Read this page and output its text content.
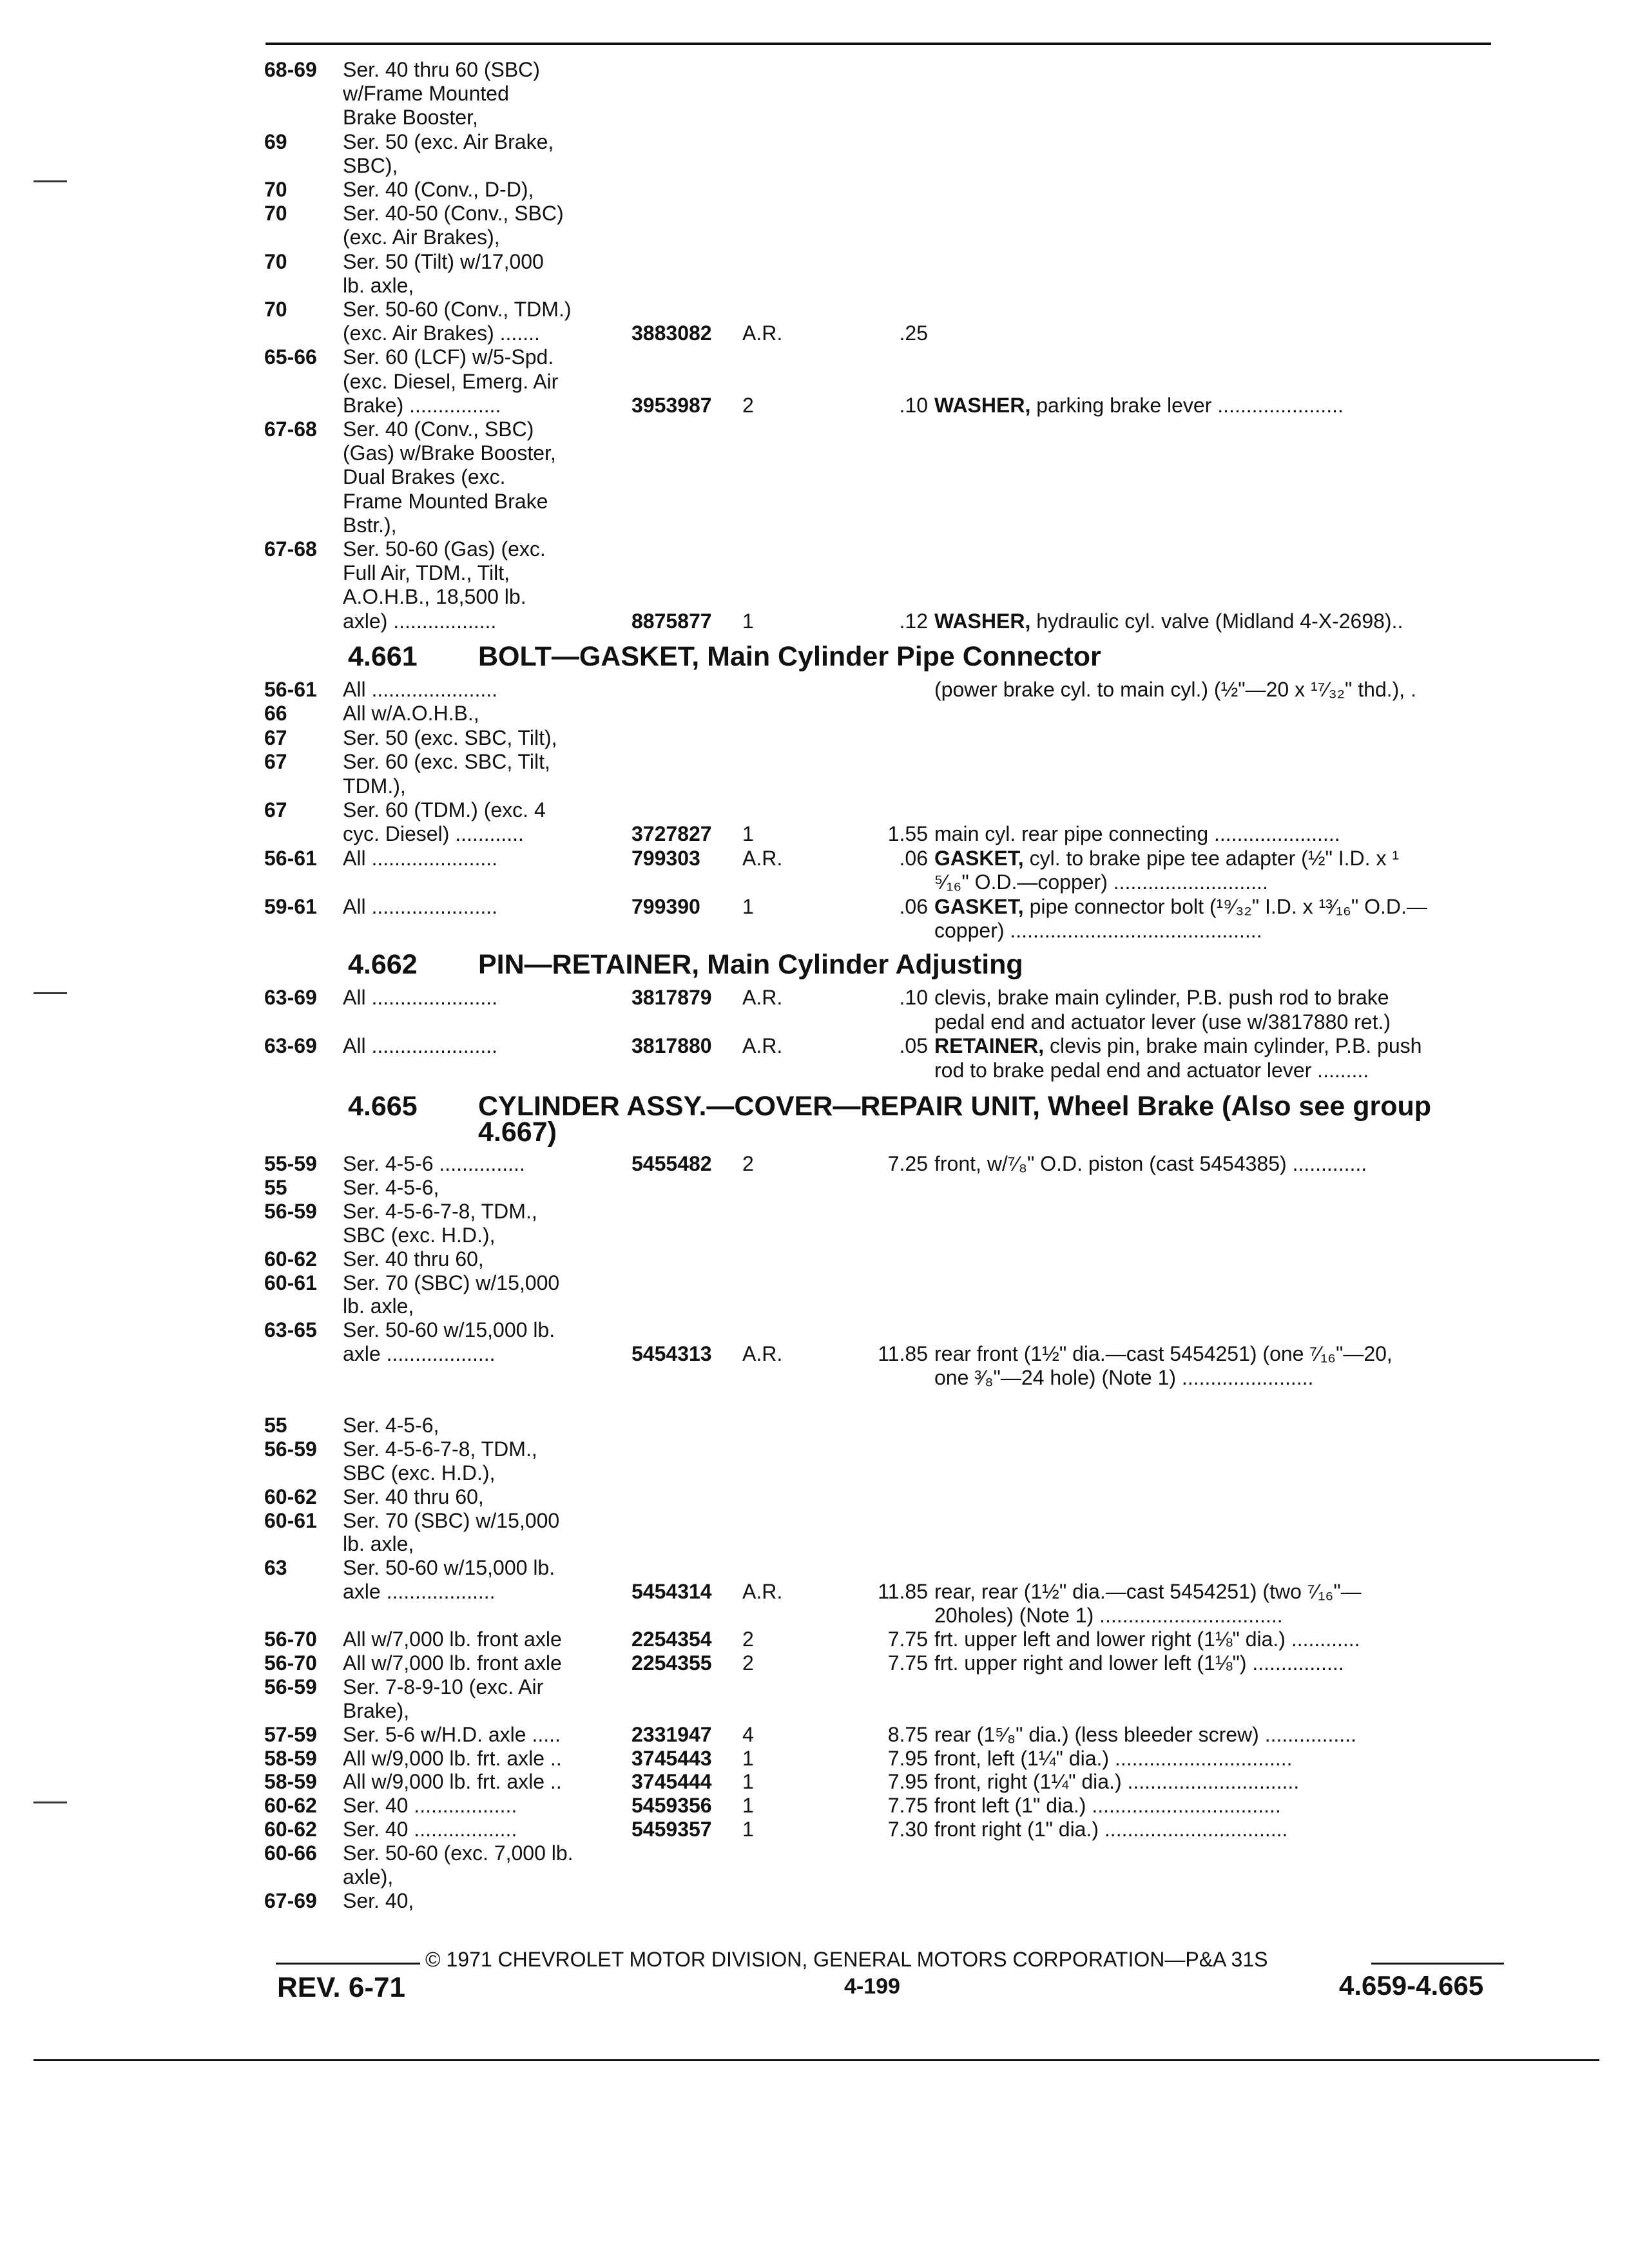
68-69 Ser. 40 thru 60 (SBC)
w/Frame Mounted
Brake Booster,
69	Ser. 50 (exc. Air Brake,
SBC),
70	Ser. 40 (Conv., D-D),
70	Ser. 40-50 (Conv., SBC)
(exc. Air Brakes),
70	Ser. 50 (Tilt) w/17,000
lb. axle,
70	Ser. 50-60 (Conv., TDM.)
(exc. Air Brakes) .......	3883082 A.R.	.25
65-66 Ser. 60 (LCF) w/5-Spd.
(exc. Diesel, Emerg. Air
Brake) ................	3953987 2	.10 WASHER, parking brake lever ......................
67-68 Ser. 40 (Conv., SBC)
(Gas) w/Brake Booster,
Dual Brakes (exc.
Frame Mounted Brake
Bstr.),
67-68 Ser. 50-60 (Gas) (exc.
Full Air, TDM., Tilt,
A.O.H.B., 18,500 lb.
axle) ..................	8875877 1	.12 WASHER, hydraulic cyl. valve (Midland 4-X-2698)..
4.661 BOLT—GASKET, Main Cylinder Pipe Connector
56-61 All ......................	(power brake cyl. to main cyl.) (½"—20 x ¹⁷⁄₃₂" thd.), .
66	All w/A.O.H.B.,
67	Ser. 50 (exc. SBC, Tilt),
67	Ser. 60 (exc. SBC, Tilt,
TDM.),
67	Ser. 60 (TDM.) (exc. 4
cyc. Diesel) ............	3727827 1	1.55 main cyl. rear pipe connecting ......................
56-61 All ......................	799303 A.R.	.06 GASKET, cyl. to brake pipe tee adapter (½" I.D. x ¹
⁵⁄₁₆" O.D.—copper) ...........................
59-61 All ......................	799390 1	.06 GASKET, pipe connector bolt (¹⁹⁄₃₂" I.D. x ¹³⁄₁₆" O.D.—
copper) ............................................
4.662 PIN—RETAINER, Main Cylinder Adjusting
63-69 All ......................	3817879 A.R.	.10 clevis, brake main cylinder, P.B. push rod to brake
pedal end and actuator lever (use w/3817880 ret.)
63-69 All ......................	3817880 A.R.	.05 RETAINER, clevis pin, brake main cylinder, P.B. push
rod to brake pedal end and actuator lever .........
4.665 CYLINDER ASSY.—COVER—REPAIR UNIT, Wheel Brake (Also see group
4.667)
55-59 Ser. 4-5-6 ...............	5455482 2	7.25 front, w/⁷⁄₈" O.D. piston (cast 5454385) .............
55	Ser. 4-5-6,
56-59 Ser. 4-5-6-7-8, TDM.,
SBC (exc. H.D.),
60-62 Ser. 40 thru 60,
60-61 Ser. 70 (SBC) w/15,000
lb. axle,
63-65 Ser. 50-60 w/15,000 lb.
axle ...................	5454313 A.R.	11.85 rear front (1½" dia.—cast 5454251) (one ⁷⁄₁₆"—20,
one ³⁄₈"—24 hole) (Note 1) .......................
55	Ser. 4-5-6,
56-59 Ser. 4-5-6-7-8, TDM.,
SBC (exc. H.D.),
60-62 Ser. 40 thru 60,
60-61 Ser. 70 (SBC) w/15,000
lb. axle,
63	Ser. 50-60 w/15,000 lb.
axle ...................	5454314 A.R.	11.85 rear, rear (1½" dia.—cast 5454251) (two ⁷⁄₁₆"—
20holes) (Note 1) ................................
56-70 All w/7,000 lb. front axle	2254354 2	7.75 frt. upper left and lower right (1⅛" dia.) ............
56-70 All w/7,000 lb. front axle	2254355 2	7.75 frt. upper right and lower left (1⅛") ................
56-59 Ser. 7-8-9-10 (exc. Air
Brake),
57-59 Ser. 5-6 w/H.D. axle .....	2331947 4	8.75 rear (1⁵⁄₈" dia.) (less bleeder screw) ................
58-59 All w/9,000 lb. frt. axle ..	3745443 1	7.95 front, left (1¼" dia.) ...............................
58-59 All w/9,000 lb. frt. axle ..	3745444 1	7.95 front, right (1¼" dia.) ..............................
60-62 Ser. 40 ..................	5459356 1	7.75 front left (1" dia.) .................................
60-62 Ser. 40 ..................	5459357 1	7.30 front right (1" dia.) ................................
60-66 Ser. 50-60 (exc. 7,000 lb.
axle),
67-69 Ser. 40,
© 1971 CHEVROLET MOTOR DIVISION, GENERAL MOTORS CORPORATION—P&A 31S
REV. 6-71	4-199	4.659-4.665
